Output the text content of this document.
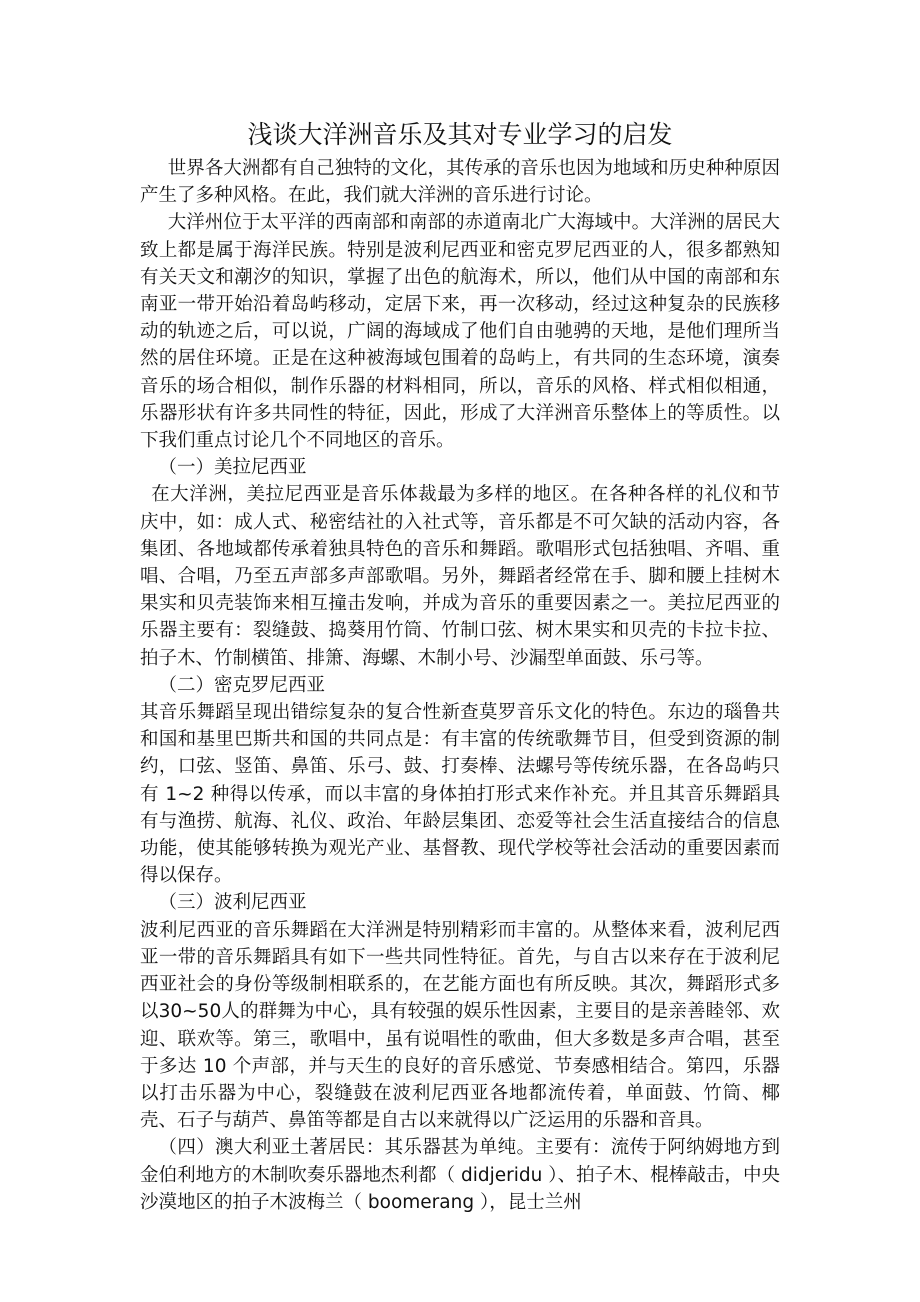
浅谈大洋洲音乐及其对专业学习的启发

世界各大洲都有自己独特的文化，其传承的音乐也因为地域和历史种种原因产生了多种风格。在此，我们就大洋洲的音乐进行讨论。

大洋州位于太平洋的西南部和南部的赤道南北广大海域中。大洋洲的居民大致上都是属于海洋民族。特别是波利尼西亚和密克罗尼西亚的人，很多都熟知有关天文和潮汐的知识，掌握了出色的航海术，所以，他们从中国的南部和东南亚一带开始沿着岛屿移动，定居下来，再一次移动，经过这种复杂的民族移动的轨迹之后，可以说，广阔的海域成了他们自由驰骋的天地，是他们理所当然的居住环境。正是在这种被海域包围着的岛屿上，有共同的生态环境，演奏音乐的场合相似，制作乐器的材料相同，所以，音乐的风格、样式相似相通，乐器形状有许多共同性的特征，因此，形成了大洋洲音乐整体上的等质性。以下我们重点讨论几个不同地区的音乐。

（一）美拉尼西亚

在大洋洲，美拉尼西亚是音乐体裁最为多样的地区。在各种各样的礼仪和节庆中，如：成人式、秘密结社的入社式等，音乐都是不可欠缺的活动内容，各集团、各地域都传承着独具特色的音乐和舞蹈。歌唱形式包括独唱、齐唱、重唱、合唱，乃至五声部多声部歌唱。另外，舞蹈者经常在手、脚和腰上挂树木果实和贝壳装饰来相互撞击发响，并成为音乐的重要因素之一。美拉尼西亚的乐器主要有：裂缝鼓、捣葵用竹筒、竹制口弦、树木果实和贝壳的卡拉卡拉、拍子木、竹制横笛、排箫、海螺、木制小号、沙漏型单面鼓、乐弓等。

（二）密克罗尼西亚

其音乐舞蹈呈现出错综复杂的复合性新查莫罗音乐文化的特色。东边的瑙鲁共和国和基里巴斯共和国的共同点是：有丰富的传统歌舞节目，但受到资源的制约，口弦、竖笛、鼻笛、乐弓、鼓、打奏棒、法螺号等传统乐器，在各岛屿只有 1~2 种得以传承，而以丰富的身体拍打形式来作补充。并且其音乐舞蹈具有与渔捞、航海、礼仪、政治、年龄层集团、恋爱等社会生活直接结合的信息功能，使其能够转换为观光产业、基督教、现代学校等社会活动的重要因素而得以保存。

（三）波利尼西亚

波利尼西亚的音乐舞蹈在大洋洲是特别精彩而丰富的。从整体来看，波利尼西亚一带的音乐舞蹈具有如下一些共同性特征。首先，与自古以来存在于波利尼西亚社会的身份等级制相联系的，在艺能方面也有所反映。其次，舞蹈形式多以30~50人的群舞为中心，具有较强的娱乐性因素，主要目的是亲善睦邻、欢迎、联欢等。第三，歌唱中，虽有说唱性的歌曲，但大多数是多声合唱，甚至于多达 10 个声部，并与天生的良好的音乐感觉、节奏感相结合。第四，乐器以打击乐器为中心，裂缝鼓在波利尼西亚各地都流传着，单面鼓、竹筒、椰壳、石子与葫芦、鼻笛等都是自古以来就得以广泛运用的乐器和音具。

（四）澳大利亚土著居民：其乐器甚为单纯。主要有：流传于阿纳姆地方到金伯利地方的木制吹奏乐器地杰利都（ didjeridu ）、拍子木、棍棒敲击，中央沙漠地区的拍子木波梅兰（ boomerang ），昆士兰州
